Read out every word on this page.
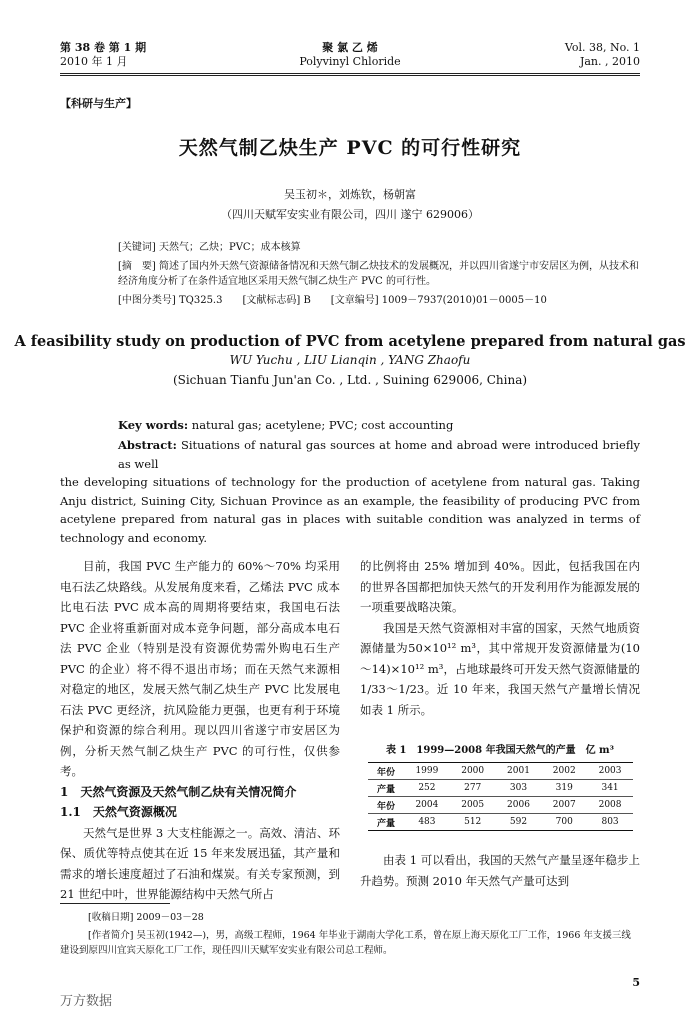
第 38 卷 第 1 期
2010 年 1 月
聚 氯 乙 烯
Polyvinyl Chloride
Vol. 38, No. 1
Jan. , 2010
【科研与生产】
天然气制乙炔生产 PVC 的可行性研究
吴玉初＊，刘炼钦，杨朝富
（四川天赋军安实业有限公司，四川 遂宁 629006）
[关键词] 天然气；乙炔；PVC；成本核算
[摘　要] 简述了国内外天然气资源储备情况和天然气制乙炔技术的发展概况，并以四川省遂宁市安居区为例，从技术和经济角度分析了在条件适宜地区采用天然气制乙炔生产 PVC 的可行性。
[中图分类号] TQ325.3　　[文献标志码] B　　[文章编号] 1009－7937(2010)01－0005－10
A feasibility study on production of PVC from acetylene prepared from natural gas
WU Yuchu , LIU Lianqin , YANG Zhaofu
(Sichuan Tianfu Jun'an Co. , Ltd. , Suining 629006, China)
Key words: natural gas; acetylene; PVC; cost accounting
Abstract: Situations of natural gas sources at home and abroad were introduced briefly as well
the developing situations of technology for the production of acetylene from natural gas. Taking Anju district, Suining City, Sichuan Province as an example, the feasibility of producing PVC from acetylene prepared from natural gas in places with suitable condition was analyzed in terms of technology and economy.

目前，我国 PVC 生产能力的 60%～70% 均采用电石法乙炔路线。从发展角度来看，乙烯法 PVC 成本比电石法 PVC 成本高的周期将要结束，我国电石法 PVC 企业将重新面对成本竞争问题，部分高成本电石法 PVC 企业（特别是没有资源优势需外购电石生产 PVC 的企业）将不得不退出市场；而在天然气来源相对稳定的地区，发展天然气制乙炔生产 PVC 比发展电石法 PVC 更经济，抗风险能力更强，也更有利于环境保护和资源的综合利用。现以四川省遂宁市安居区为例，分析天然气制乙炔生产 PVC 的可行性，仅供参考。

1　天然气资源及天然气制乙炔有关情况简介

1.1　天然气资源概况

天然气是世界 3 大支柱能源之一。高效、清洁、环保、质优等特点使其在近 15 年来发展迅猛，其产量和需求的增长速度超过了石油和煤炭。有关专家预测，到 21 世纪中叶，世界能源结构中天然气所占

的比例将由 25% 增加到 40%。因此，包括我国在内的世界各国都把加快天然气的开发利用作为能源发展的一项重要战略决策。

我国是天然气资源相对丰富的国家，天然气地质资源储量为50×10¹² m³，其中常规开发资源储量为(10～14)×10¹² m³，占地球最终可开发天然气资源储量的1/33～1/23。近 10 年来，我国天然气产量增长情况如表 1 所示。

表 1　1999—2008 年我国天然气的产量　亿 m³
年份	1999	2000	2001	2002	2003
产量	252	277	303	319	341
年份	2004	2005	2006	2007	2008
产量	483	512	592	700	803

由表 1 可以看出，我国的天然气产量呈逐年稳步上升趋势。预测 2010 年天然气产量可达到

[收稿日期] 2009－03－28
[作者简介] 吴玉初(1942—)，男，高级工程师，1964 年毕业于湖南大学化工系，曾在原上海天原化工厂工作，1966 年支援三线建设到原四川宜宾天原化工厂工作，现任四川天赋军安实业有限公司总工程师。
5
万方数据
